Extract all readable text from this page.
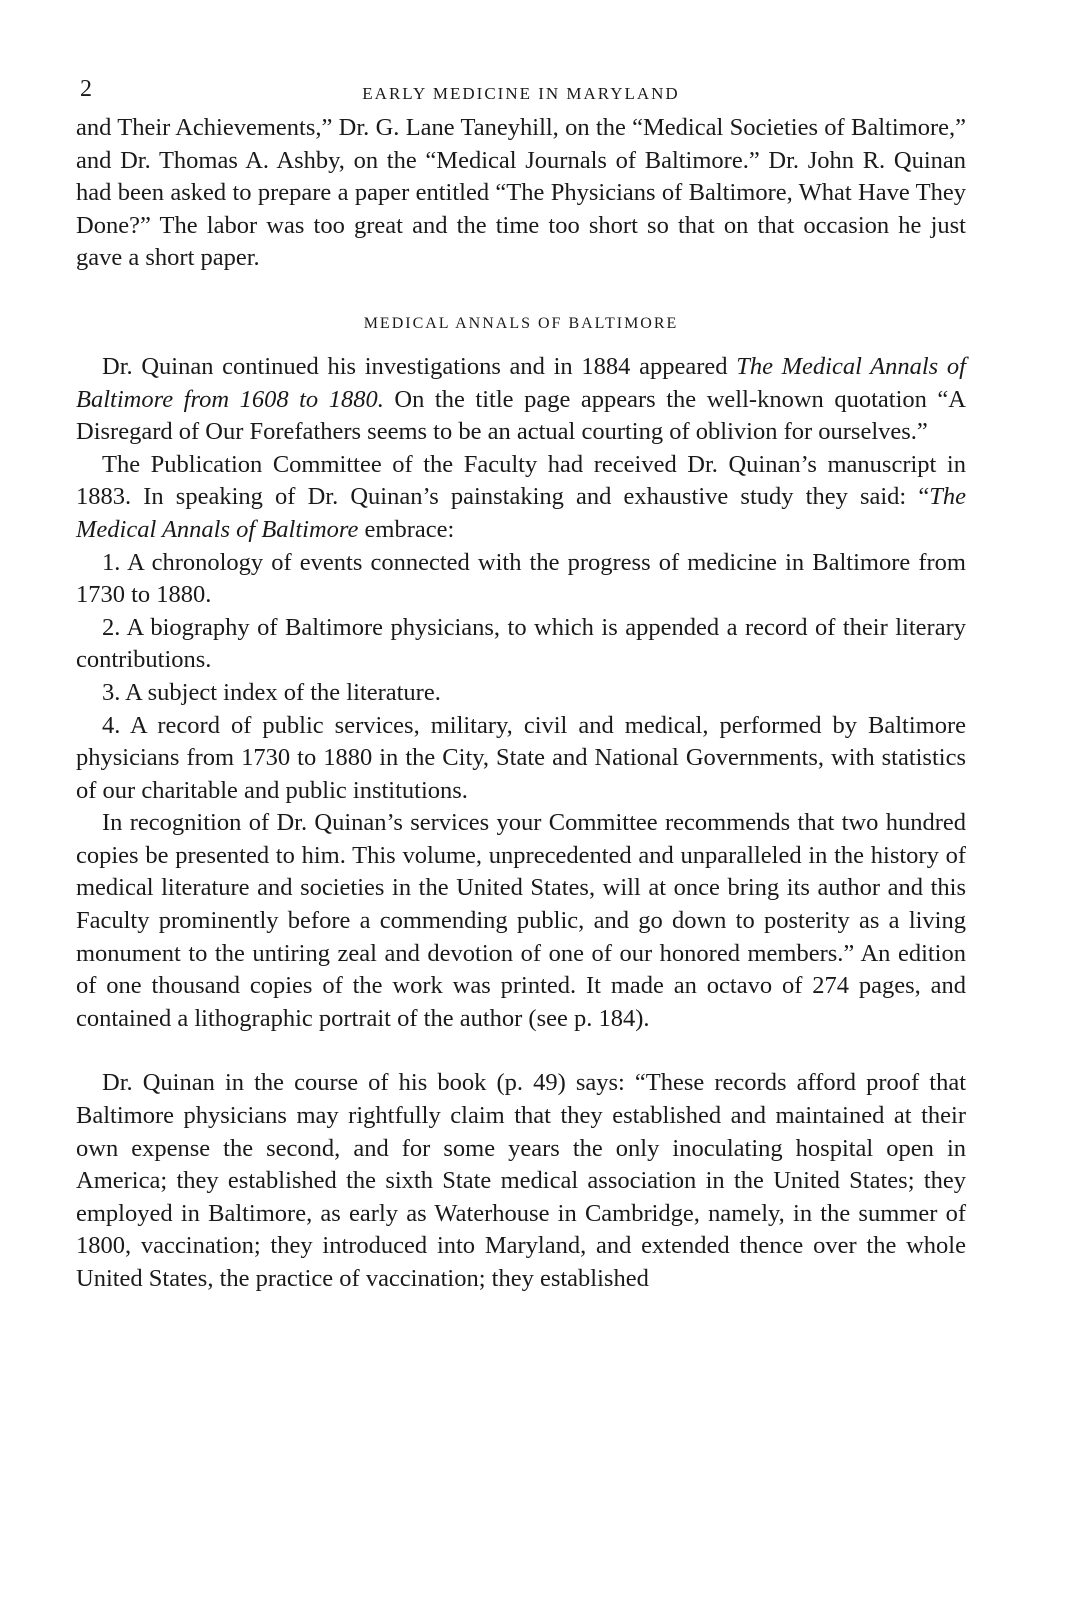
2	EARLY MEDICINE IN MARYLAND

and Their Achievements,” Dr. G. Lane Taneyhill, on the “Medical Societies of Baltimore,” and Dr. Thomas A. Ashby, on the “Medical Journals of Baltimore.” Dr. John R. Quinan had been asked to prepare a paper entitled “The Physicians of Baltimore, What Have They Done?” The labor was too great and the time too short so that on that occasion he just gave a short paper.

MEDICAL ANNALS OF BALTIMORE

Dr. Quinan continued his investigations and in 1884 appeared The Medical Annals of Baltimore from 1608 to 1880. On the title page appears the well-known quotation “A Disregard of Our Forefathers seems to be an actual courting of oblivion for ourselves.”

The Publication Committee of the Faculty had received Dr. Quinan’s manuscript in 1883. In speaking of Dr. Quinan’s painstaking and exhaustive study they said: “The Medical Annals of Baltimore embrace:

1. A chronology of events connected with the progress of medicine in Baltimore from 1730 to 1880.

2. A biography of Baltimore physicians, to which is appended a record of their literary contributions.

3. A subject index of the literature.

4. A record of public services, military, civil and medical, performed by Baltimore physicians from 1730 to 1880 in the City, State and National Governments, with statistics of our charitable and public institutions.

In recognition of Dr. Quinan’s services your Committee recommends that two hundred copies be presented to him. This volume, unprecedented and unparalleled in the history of medical literature and societies in the United States, will at once bring its author and this Faculty prominently before a commending public, and go down to posterity as a living monument to the untiring zeal and devotion of one of our honored members.” An edition of one thousand copies of the work was printed. It made an octavo of 274 pages, and contained a lithographic portrait of the author (see p. 184).

Dr. Quinan in the course of his book (p. 49) says: “These records afford proof that Baltimore physicians may rightfully claim that they established and maintained at their own expense the second, and for some years the only inoculating hospital open in America; they established the sixth State medical association in the United States; they employed in Baltimore, as early as Waterhouse in Cambridge, namely, in the summer of 1800, vaccination; they introduced into Maryland, and extended thence over the whole United States, the practice of vaccination; they established
